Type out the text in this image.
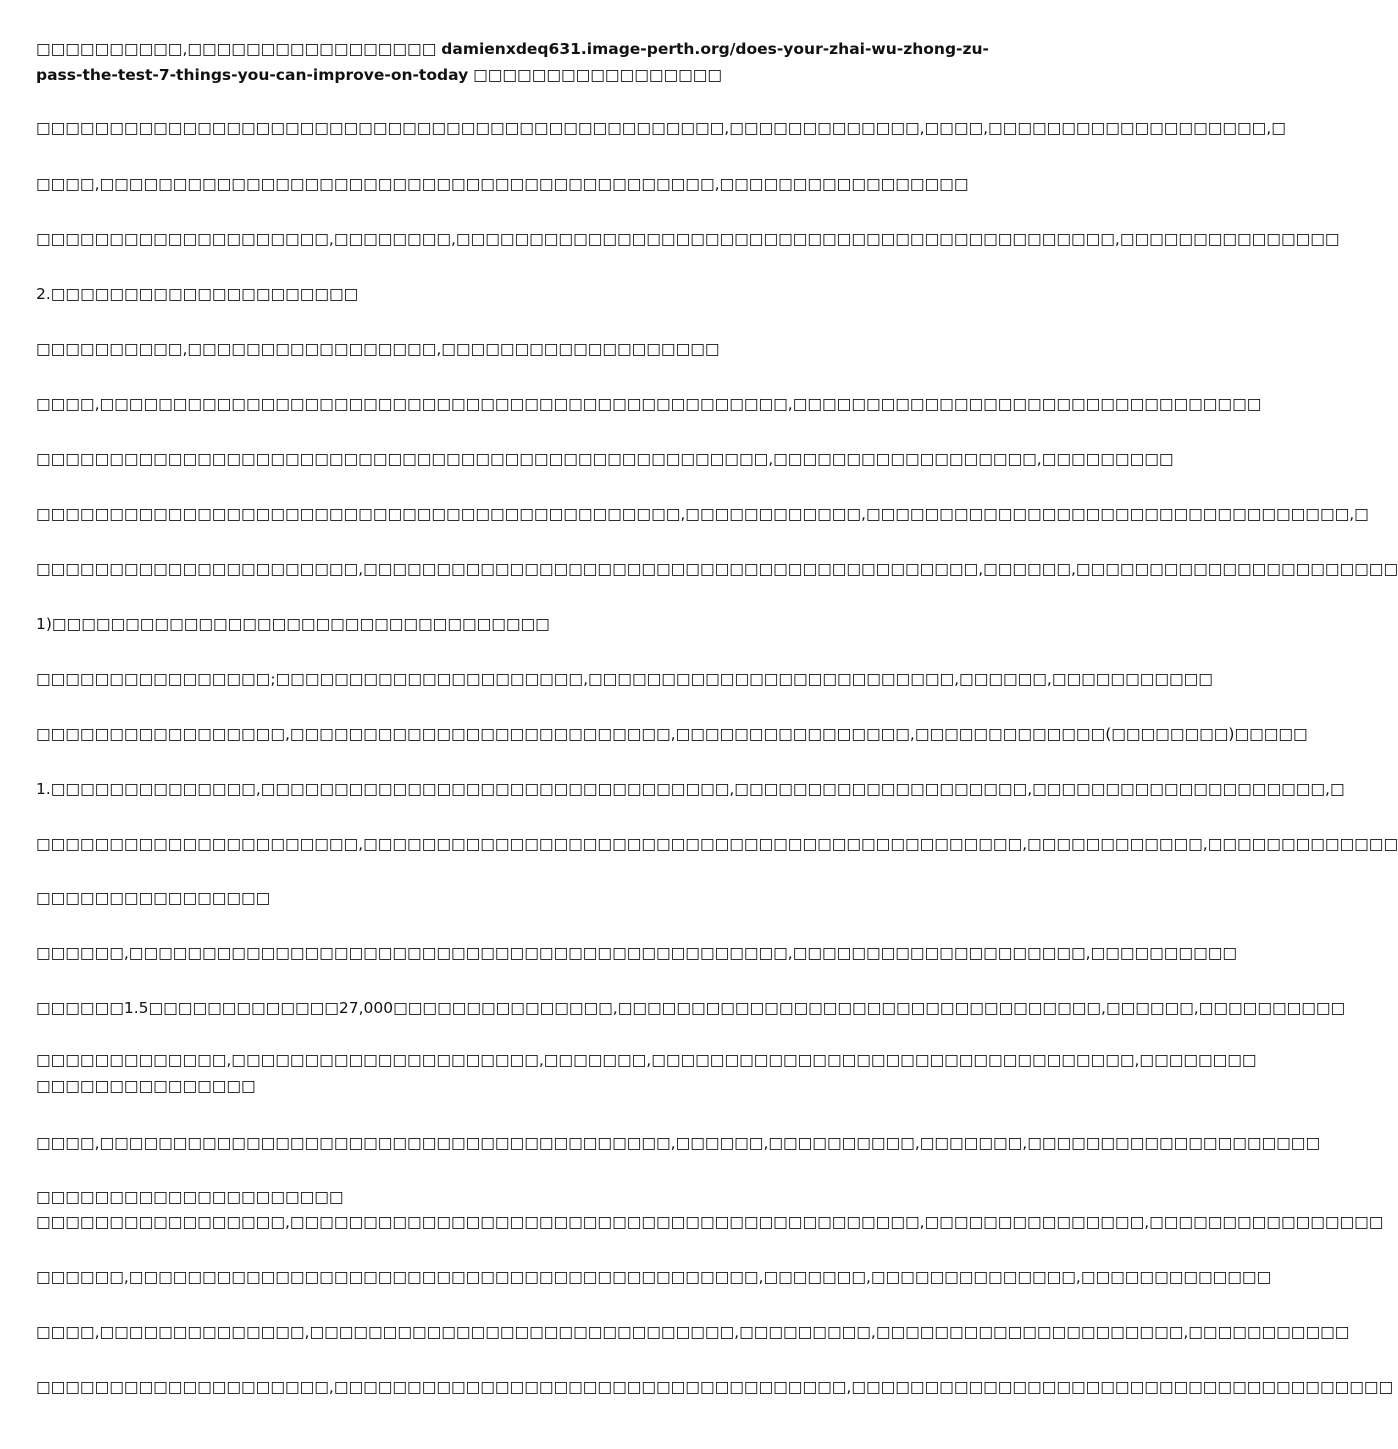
□□□□□□□□□□,□□□□□□□□□□□□□□□□□ damienxdeq631.image-perth.org/does-your-zhai-wu-zhong-zu-pass-the-test-7-things-you-can-improve-on-today □□□□□□□□□□□□□□□□□
□□□□□□□□□□□□□□□□□□□□□□□□□□□□□□□□□□□□□□□□□□□□□□□,□□□□□□□□□□□□□,□□□□,□□□□□□□□□□□□□□□□□□□,□
□□□□,□□□□□□□□□□□□□□□□□□□□□□□□□□□□□□□□□□□□□□□□□□,□□□□□□□□□□□□□□□□□
□□□□□□□□□□□□□□□□□□□□,□□□□□□□□,□□□□□□□□□□□□□□□□□□□□□□□□□□□□□□□□□□□□□□□□□□□□□,□□□□□□□□□□□□□□□
2.□□□□□□□□□□□□□□□□□□□□□
□□□□□□□□□□,□□□□□□□□□□□□□□□□□,□□□□□□□□□□□□□□□□□□□
□□□□,□□□□□□□□□□□□□□□□□□□□□□□□□□□□□□□□□□□□□□□□□□□□□□□,□□□□□□□□□□□□□□□□□□□□□□□□□□□□□□□□
□□□□□□□□□□□□□□□□□□□□□□□□□□□□□□□□□□□□□□□□□□□□□□□□□□,□□□□□□□□□□□□□□□□□□,□□□□□□□□□
□□□□□□□□□□□□□□□□□□□□□□□□□□□□□□□□□□□□□□□□□□□□,□□□□□□□□□□□□,□□□□□□□□□□□□□□□□□□□□□□□□□□□□□□□□□,□
□□□□□□□□□□□□□□□□□□□□□□,□□□□□□□□□□□□□□□□□□□□□□□□□□□□□□□□□□□□□□□□□□,□□□□□□,□□□□□□□□□□□□□□□□□□□□□□
1)□□□□□□□□□□□□□□□□□□□□□□□□□□□□□□□□□□
□□□□□□□□□□□□□□□□;□□□□□□□□□□□□□□□□□□□□□,□□□□□□□□□□□□□□□□□□□□□□□□□,□□□□□□,□□□□□□□□□□□
□□□□□□□□□□□□□□□□□,□□□□□□□□□□□□□□□□□□□□□□□□□□,□□□□□□□□□□□□□□□□,□□□□□□□□□□□□□(□□□□□□□□)□□□□□
1.□□□□□□□□□□□□□□,□□□□□□□□□□□□□□□□□□□□□□□□□□□□□□□□,□□□□□□□□□□□□□□□□□□□□,□□□□□□□□□□□□□□□□□□□□,□
□□□□□□□□□□□□□□□□□□□□□□,□□□□□□□□□□□□□□□□□□□□□□□□□□□□□□□□□□□□□□□□□□□□□,□□□□□□□□□□□□,□□□□□□□□□□□□□
□□□□□□□□□□□□□□□□
□□□□□□,□□□□□□□□□□□□□□□□□□□□□□□□□□□□□□□□□□□□□□□□□□□□□,□□□□□□□□□□□□□□□□□□□□,□□□□□□□□□□
□□□□□□1.5□□□□□□□□□□□□□27,000□□□□□□□□□□□□□□□,□□□□□□□□□□□□□□□□□□□□□□□□□□□□□□□□□,□□□□□□,□□□□□□□□□□
□□□□□□□□□□□□□,□□□□□□□□□□□□□□□□□□□□□,□□□□□□□,□□□□□□□□□□□□□□□□□□□□□□□□□□□□□□□□□,□□□□□□□□ □□□□□□□□□□□□□□□
□□□□,□□□□□□□□□□□□□□□□□□□□□□□□□□□□□□□□□□□□□□□,□□□□□□,□□□□□□□□□□,□□□□□□□,□□□□□□□□□□□□□□□□□□□□
□□□□□□□□□□□□□□□□□□□□□
□□□□□□□□□□□□□□□□□,□□□□□□□□□□□□□□□□□□□□□□□□□□□□□□□□□□□□□□□□□□□,□□□□□□□□□□□□□□□,□□□□□□□□□□□□□□□□
□□□□□□,□□□□□□□□□□□□□□□□□□□□□□□□□□□□□□□□□□□□□□□□□□□,□□□□□□□,□□□□□□□□□□□□□□,□□□□□□□□□□□□□
□□□□,□□□□□□□□□□□□□□,□□□□□□□□□□□□□□□□□□□□□□□□□□□□□,□□□□□□□□□,□□□□□□□□□□□□□□□□□□□□□,□□□□□□□□□□□
□□□□□□□□□□□□□□□□□□□□,□□□□□□□□□□□□□□□□□□□□□□□□□□□□□□□□□□□,□□□□□□□□□□□□□□□□□□□□□□□□□□□□□□□□□□□□□
